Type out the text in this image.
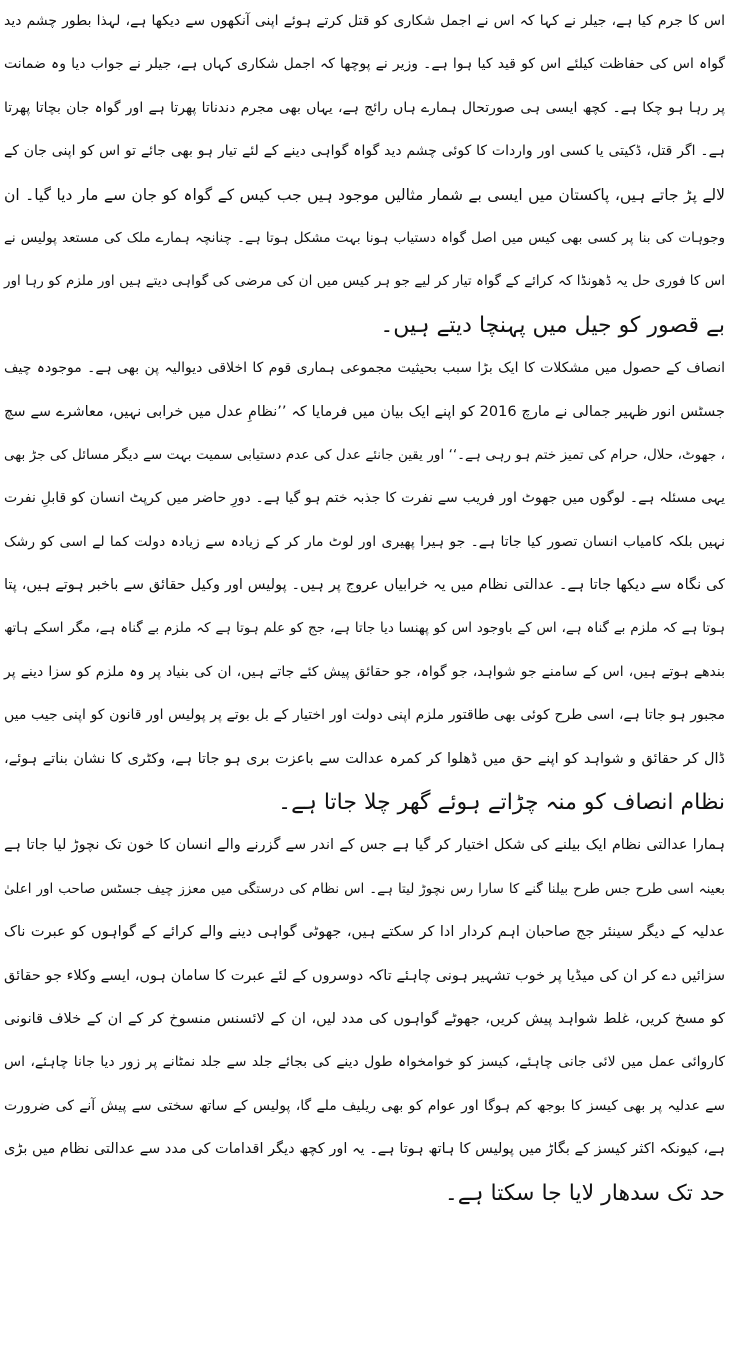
اس کا جرم کیا ہے، جیلر نے کہا کہ اس نے اجمل شکاری کو قتل کرتے ہوئے اپنی آنکھوں سے دیکھا ہے، لہذا بطور چشم دید
گواہ اس کی حفاظت کیلئے اس کو قید کیا ہوا ہے۔ وزیر نے پوچھا کہ اجمل شکاری کہاں ہے، جیلر نے جواب دیا وہ ضمانت
پر رہا ہو چکا ہے۔ کچھ ایسی ہی صورتحال ہمارے ہاں رائج ہے، یہاں بھی مجرم دندناتا پھرتا ہے اور گواہ جان بچاتا پھرتا
ہے۔ اگر قتل، ڈکیتی یا کسی اور واردات کا کوئی چشم دید گواہ گواہی دینے کے لئے تیار ہو بھی جائے تو اس کو اپنی جان کے
لالے پڑ جاتے ہیں، پاکستان میں ایسی بے شمار مثالیں موجود ہیں جب کیس کے گواہ کو جان سے مار دیا گیا۔ ان
وجوہات کی بنا پر کسی بھی کیس میں اصل گواہ دستیاب ہونا بہت مشکل ہوتا ہے۔ چنانچہ ہمارے ملک کی مستعد پولیس نے
اس کا فوری حل یہ ڈھونڈا کہ کرائے کے گواہ تیار کر لیے جو ہر کیس میں ان کی مرضی کی گواہی دیتے ہیں اور ملزم کو رہا اور
بے قصور کو جیل میں پہنچا دیتے ہیں۔
انصاف کے حصول میں مشکلات کا ایک بڑا سبب بحیثیت مجموعی ہماری قوم کا اخلاقی دیوالیہ پن بھی ہے۔ موجودہ چیف
جسٹس انور ظہیر جمالی نے مارچ 2016 کو اپنے ایک بیان میں فرمایا کہ ’’نظامِ عدل میں خرابی نہیں، معاشرے سے سچ
، جھوٹ، حلال، حرام کی تمیز ختم ہو رہی ہے۔‘‘ اور یقین جانئے عدل کی عدم دستیابی سمیت بہت سے دیگر مسائل کی جڑ بھی
یہی مسئلہ ہے۔ لوگوں میں جھوٹ اور فریب سے نفرت کا جذبہ ختم ہو گیا ہے۔ دورِ حاضر میں کرپٹ انسان کو قابلِ نفرت
نہیں بلکہ کامیاب انسان تصور کیا جاتا ہے۔ جو ہیرا پھیری اور لوٹ مار کر کے زیادہ سے زیادہ دولت کما لے اسی کو رشک
کی نگاہ سے دیکھا جاتا ہے۔ عدالتی نظام میں یہ خرابیاں عروج پر ہیں۔ پولیس اور وکیل حقائق سے باخبر ہوتے ہیں، پتا
ہوتا ہے کہ ملزم بے گناہ ہے، اس کے باوجود اس کو پھنسا دیا جاتا ہے، جج کو علم ہوتا ہے کہ ملزم بے گناہ ہے، مگر اسکے ہاتھ
بندھے ہوتے ہیں، اس کے سامنے جو شواہد، جو گواہ، جو حقائق پیش کئے جاتے ہیں، ان کی بنیاد پر وہ ملزم کو سزا دینے پر
مجبور ہو جاتا ہے، اسی طرح کوئی بھی طاقتور ملزم اپنی دولت اور اختیار کے بل بوتے پر پولیس اور قانون کو اپنی جیب میں
ڈال کر حقائق و شواہد کو اپنے حق میں ڈھلوا کر کمرہ عدالت سے باعزت بری ہو جاتا ہے، وکٹری کا نشان بناتے ہوئے،
نظام انصاف کو منہ چڑاتے ہوئے گھر چلا جاتا ہے۔
ہمارا عدالتی نظام ایک بیلنے کی شکل اختیار کر گیا ہے جس کے اندر سے گزرنے والے انسان کا خون تک نچوڑ لیا جاتا ہے
بعینہ اسی طرح جس طرح بیلنا گنے کا سارا رس نچوڑ لیتا ہے۔ اس نظام کی درستگی میں معزز چیف جسٹس صاحب اور اعلیٰ
عدلیہ کے دیگر سینئر جج صاحبان اہم کردار ادا کر سکتے ہیں، جھوٹی گواہی دینے والے کرائے کے گواہوں کو عبرت ناک
سزائیں دے کر ان کی میڈیا پر خوب تشہیر ہونی چاہئے تاکہ دوسروں کے لئے عبرت کا سامان ہوں، ایسے وکلاء جو حقائق
کو مسخ کریں، غلط شواہد پیش کریں، جھوٹے گواہوں کی مدد لیں، ان کے لائسنس منسوخ کر کے ان کے خلاف قانونی
کاروائی عمل میں لائی جانی چاہئے، کیسز کو خوامخواہ طول دینے کی بجائے جلد سے جلد نمٹانے پر زور دیا جانا چاہئے، اس
سے عدلیہ پر بھی کیسز کا بوجھ کم ہوگا اور عوام کو بھی ریلیف ملے گا، پولیس کے ساتھ سختی سے پیش آنے کی ضرورت
ہے، کیونکہ اکثر کیسز کے بگاڑ میں پولیس کا ہاتھ ہوتا ہے۔ یہ اور کچھ دیگر اقدامات کی مدد سے عدالتی نظام میں بڑی
حد تک سدھار لایا جا سکتا ہے۔
